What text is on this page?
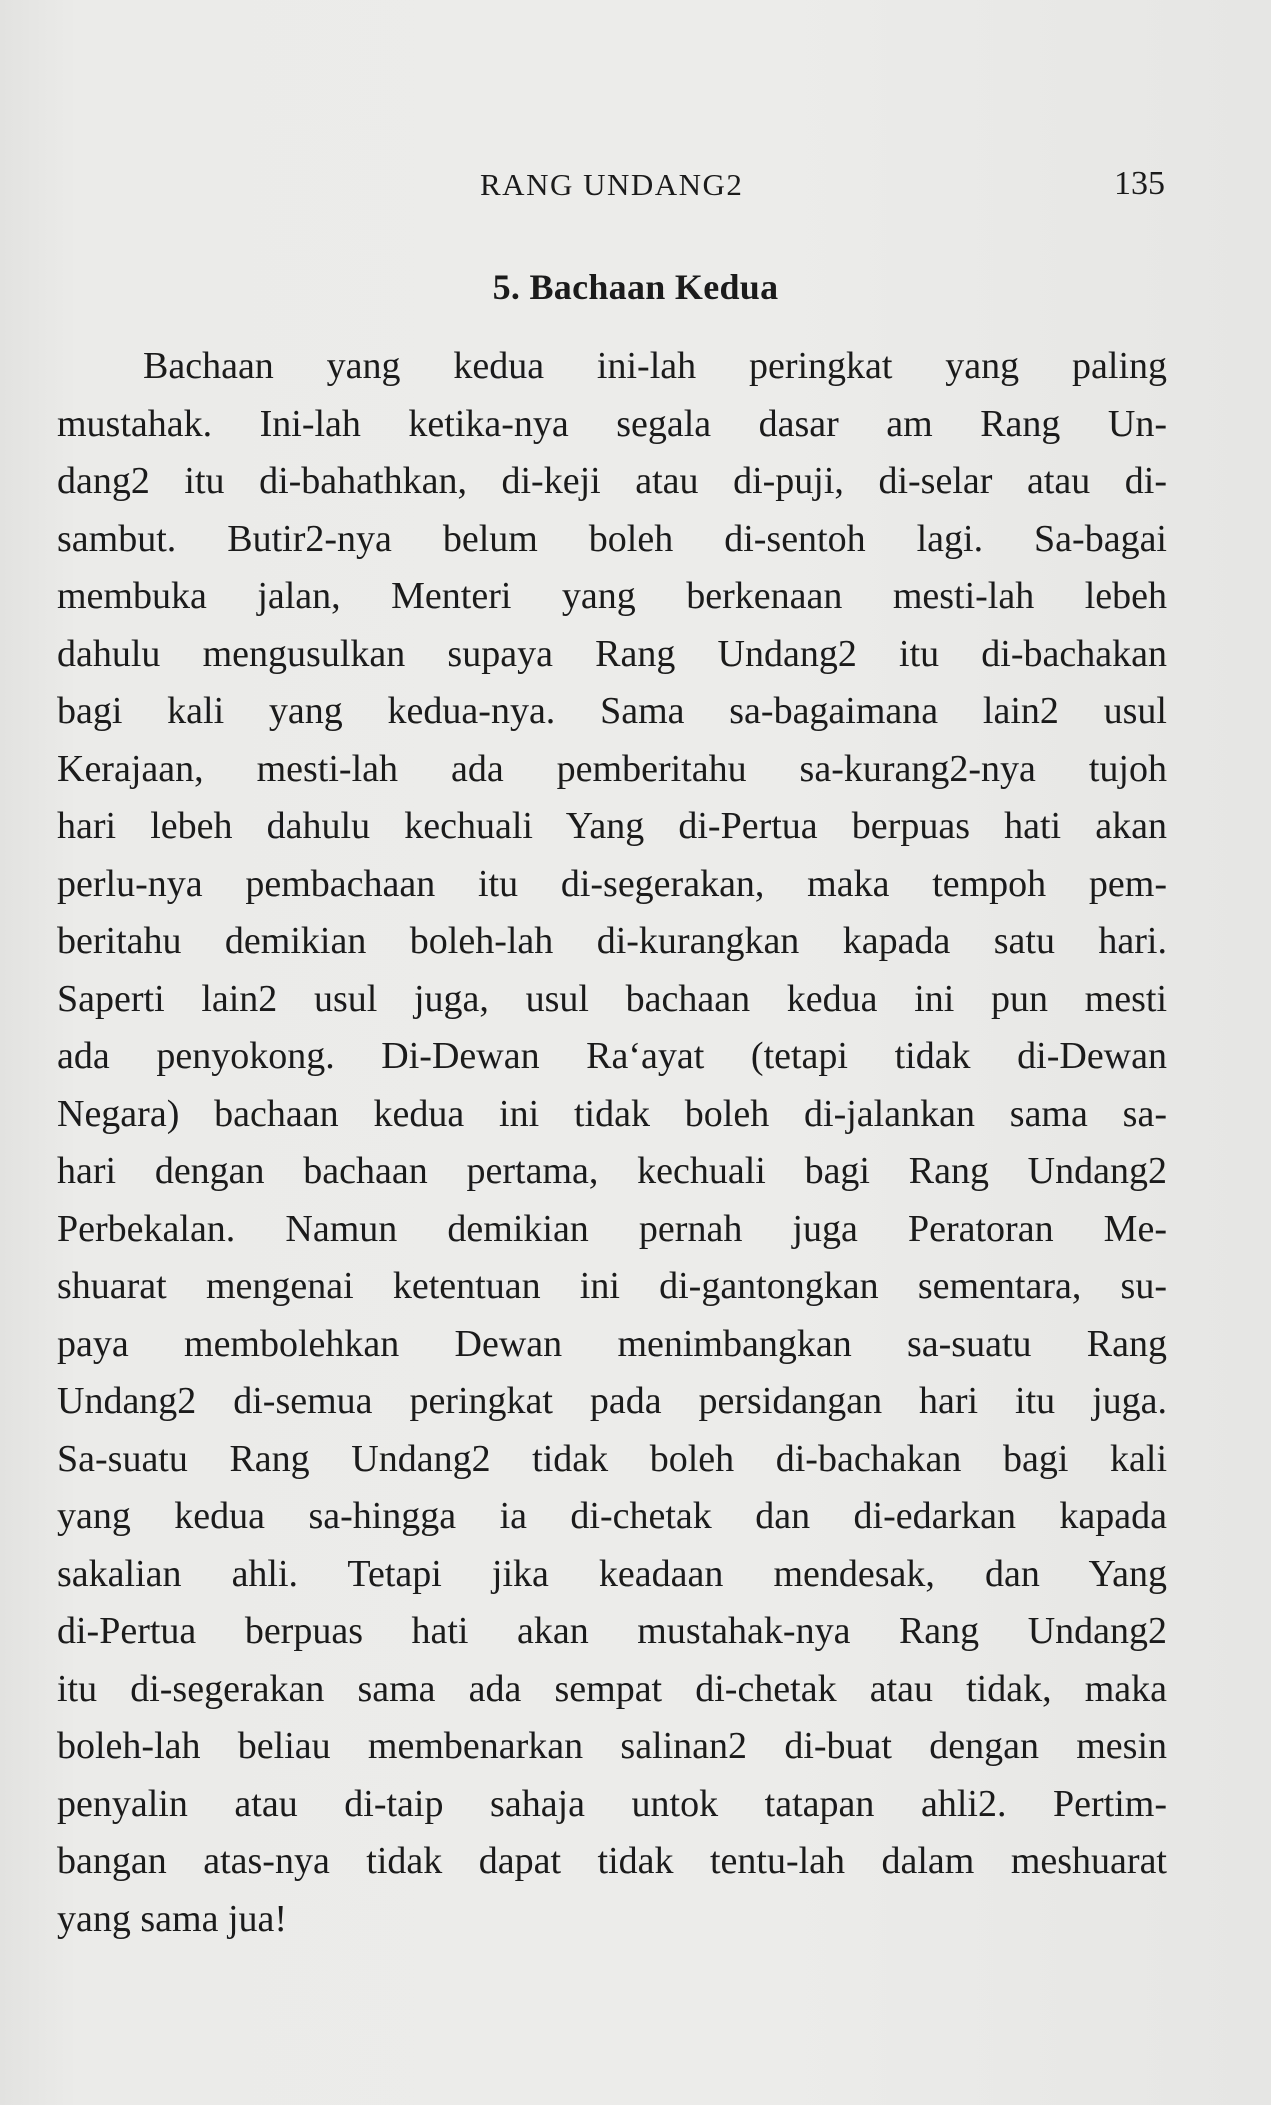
RANG UNDANG2	135
5. Bachaan Kedua
Bachaan yang kedua ini-lah peringkat yang paling
mustahak. Ini-lah ketika-nya segala dasar am Rang Un-
dang2 itu di-bahathkan, di-keji atau di-puji, di-selar atau di-
sambut. Butir2-nya belum boleh di-sentoh lagi. Sa-bagai
membuka jalan, Menteri yang berkenaan mesti-lah lebeh
dahulu mengusulkan supaya Rang Undang2 itu di-bachakan
bagi kali yang kedua-nya. Sama sa-bagaimana lain2 usul
Kerajaan, mesti-lah ada pemberitahu sa-kurang2-nya tujoh
hari lebeh dahulu kechuali Yang di-Pertua berpuas hati akan
perlu-nya pembachaan itu di-segerakan, maka tempoh pem-
beritahu demikian boleh-lah di-kurangkan kapada satu hari.
Saperti lain2 usul juga, usul bachaan kedua ini pun mesti
ada penyokong. Di-Dewan Ra‘ayat (tetapi tidak di-Dewan
Negara) bachaan kedua ini tidak boleh di-jalankan sama sa-
hari dengan bachaan pertama, kechuali bagi Rang Undang2
Perbekalan. Namun demikian pernah juga Peratoran Me-
shuarat mengenai ketentuan ini di-gantongkan sementara, su-
paya membolehkan Dewan menimbangkan sa-suatu Rang
Undang2 di-semua peringkat pada persidangan hari itu juga.
Sa-suatu Rang Undang2 tidak boleh di-bachakan bagi kali
yang kedua sa-hingga ia di-chetak dan di-edarkan kapada
sakalian ahli. Tetapi jika keadaan mendesak, dan Yang
di-Pertua berpuas hati akan mustahak-nya Rang Undang2
itu di-segerakan sama ada sempat di-chetak atau tidak, maka
boleh-lah beliau membenarkan salinan2 di-buat dengan mesin
penyalin atau di-taip sahaja untok tatapan ahli2. Pertim-
bangan atas-nya tidak dapat tidak tentu-lah dalam meshuarat
yang sama jua!
